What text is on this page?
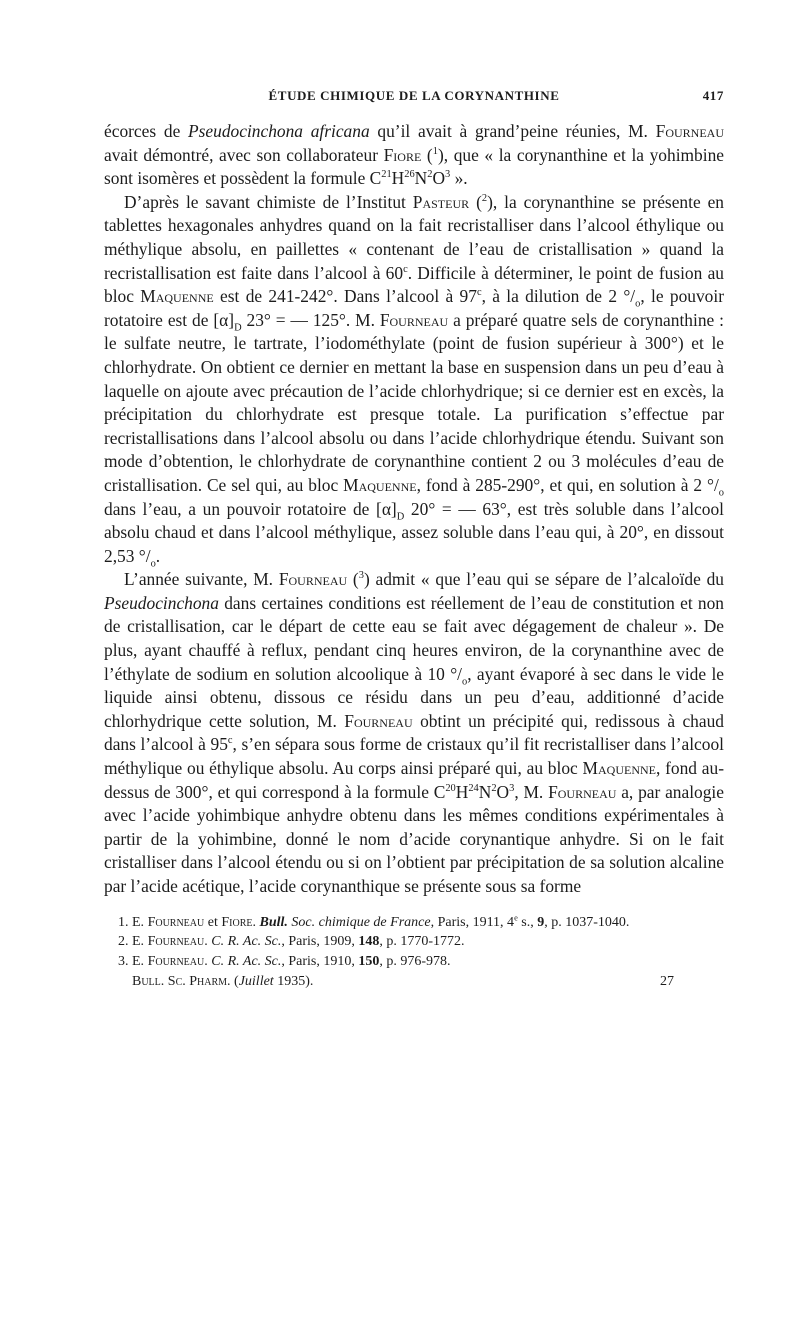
ÉTUDE CHIMIQUE DE LA CORYNANTHINE	417

écorces de Pseudocinchona africana qu’il avait à grand’peine réunies, M. Fourneau avait démontré, avec son collaborateur Fiore ($^1$), que « la corynanthine et la yohimbine sont isomères et possèdent la formule $C^{21}H^{26}N^2O^3$ ».

D’après le savant chimiste de l’Institut Pasteur ($^2$), la corynanthine se présente en tablettes hexagonales anhydres quand on la fait recristalliser dans l’alcool éthylique ou méthylique absolu, en paillettes « contenant de l’eau de cristallisation » quand la recristallisation est faite dans l’alcool à 60$^c$. Difficile à déterminer, le point de fusion au bloc Maquenne est de 241-242°. Dans l’alcool à 97$^c$, à la dilution de 2 $^\circ/_o$, le pouvoir rotatoire est de $[\alpha]_D$ 23° = — 125°. M. Fourneau a préparé quatre sels de corynanthine : le sulfate neutre, le tartrate, l’iodométhylate (point de fusion supérieur à 300°) et le chlorhydrate. On obtient ce dernier en mettant la base en suspension dans un peu d’eau à laquelle on ajoute avec précaution de l’acide chlorhydrique; si ce dernier est en excès, la précipitation du chlorhydrate est presque totale. La purification s’effectue par recristallisations dans l’alcool absolu ou dans l’acide chlorhydrique étendu. Suivant son mode d’obtention, le chlorhydrate de corynanthine contient 2 ou 3 molécules d’eau de cristallisation. Ce sel qui, au bloc Maquenne, fond à 285-290°, et qui, en solution à 2 $^\circ/_o$ dans l’eau, a un pouvoir rotatoire de $[\alpha]_D$ 20° = — 63°, est très soluble dans l’alcool absolu chaud et dans l’alcool méthylique, assez soluble dans l’eau qui, à 20°, en dissout 2,53 $^\circ/_o$.

L’année suivante, M. Fourneau ($^3$) admit « que l’eau qui se sépare de l’alcaloïde du Pseudocinchona dans certaines conditions est réellement de l’eau de constitution et non de cristallisation, car le départ de cette eau se fait avec dégagement de chaleur ». De plus, ayant chauffé à reflux, pendant cinq heures environ, de la corynanthine avec de l’éthylate de sodium en solution alcoolique à 10 $^\circ/_o$, ayant évaporé à sec dans le vide le liquide ainsi obtenu, dissous ce résidu dans un peu d’eau, additionné d’acide chlorhydrique cette solution, M. Fourneau obtint un précipité qui, redissous à chaud dans l’alcool à 95$^c$, s’en sépara sous forme de cristaux qu’il fit recristalliser dans l’alcool méthylique ou éthylique absolu. Au corps ainsi préparé qui, au bloc Maquenne, fond au-dessus de 300°, et qui correspond à la formule $C^{20}H^{24}N^2O^3$, M. Fourneau a, par analogie avec l’acide yohimbique anhydre obtenu dans les mêmes conditions expérimentales à partir de la yohimbine, donné le nom d’acide corynantique anhydre. Si on le fait cristalliser dans l’alcool étendu ou si on l’obtient par précipitation de sa solution alcaline par l’acide acétique, l’acide corynanthique se présente sous sa forme

1. E. Fourneau et Fiore. Bull. Soc. chimique de France, Paris, 1911, 4e s., 9, p. 1037-1040.

2. E. Fourneau. C. R. Ac. Sc., Paris, 1909, 148, p. 1770-1772.

3. E. Fourneau. C. R. Ac. Sc., Paris, 1910, 150, p. 976-978.

Bull. Sc. Pharm. (Juillet 1935).	27
